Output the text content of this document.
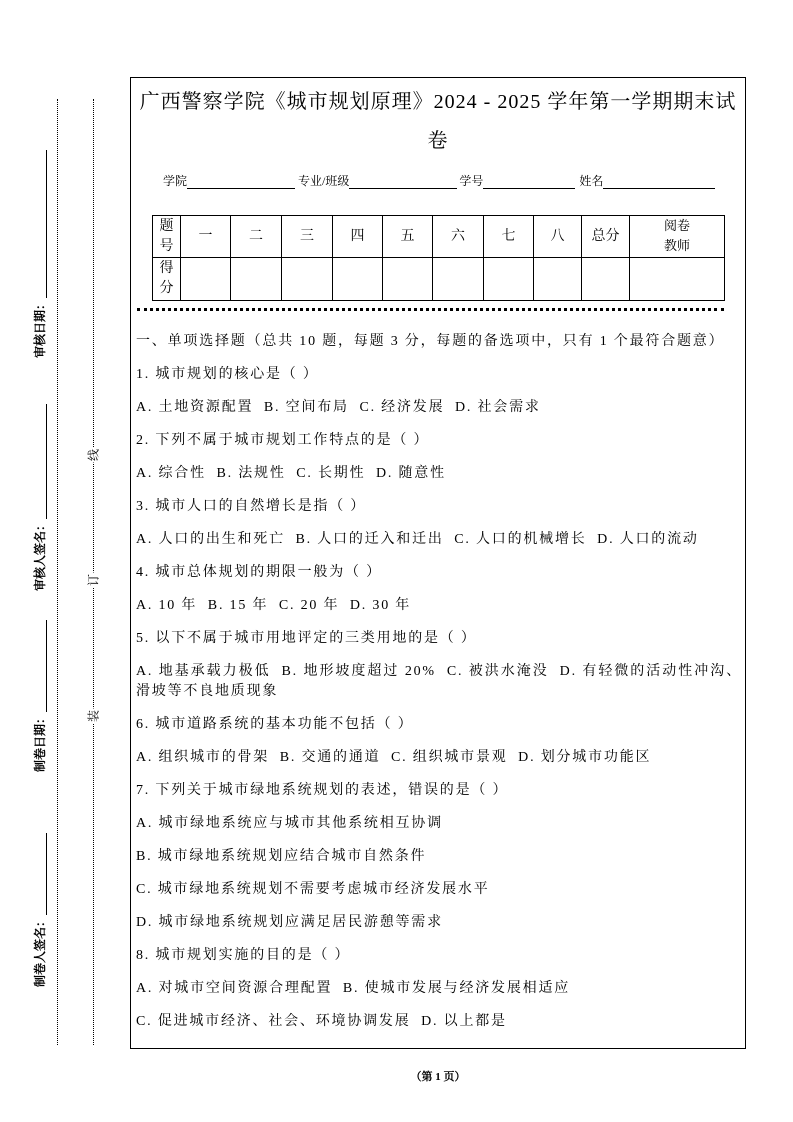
线
订
装
审核日期：
审核人签名：
制卷日期：
制卷人签名：
广西警察学院《城市规划原理》2024 - 2025 学年第一学期期末试
卷
学院	专业/班级	学号	姓名
题号	一	二	三	四	五	六	七	八	总分	阅卷教师
得分										
一、单项选择题（总共 10 题，每题 3 分，每题的备选项中，只有 1 个最符合题意）
1. 城市规划的核心是（ ）
A. 土地资源配置  B. 空间布局  C. 经济发展  D. 社会需求
2. 下列不属于城市规划工作特点的是（ ）
A. 综合性  B. 法规性  C. 长期性  D. 随意性
3. 城市人口的自然增长是指（ ）
A. 人口的出生和死亡  B. 人口的迁入和迁出  C. 人口的机械增长  D. 人口的流动
4. 城市总体规划的期限一般为（ ）
A. 10 年  B. 15 年  C. 20 年  D. 30 年
5. 以下不属于城市用地评定的三类用地的是（ ）
A. 地基承载力极低  B. 地形坡度超过 20%  C. 被洪水淹没  D. 有轻微的活动性冲沟、滑坡等不良地质现象
6. 城市道路系统的基本功能不包括（ ）
A. 组织城市的骨架  B. 交通的通道  C. 组织城市景观  D. 划分城市功能区
7. 下列关于城市绿地系统规划的表述，错误的是（ ）
A. 城市绿地系统应与城市其他系统相互协调
B. 城市绿地系统规划应结合城市自然条件
C. 城市绿地系统规划不需要考虑城市经济发展水平
D. 城市绿地系统规划应满足居民游憩等需求
8. 城市规划实施的目的是（ ）
A. 对城市空间资源合理配置  B. 使城市发展与经济发展相适应
C. 促进城市经济、社会、环境协调发展  D. 以上都是
（第 1 页）
